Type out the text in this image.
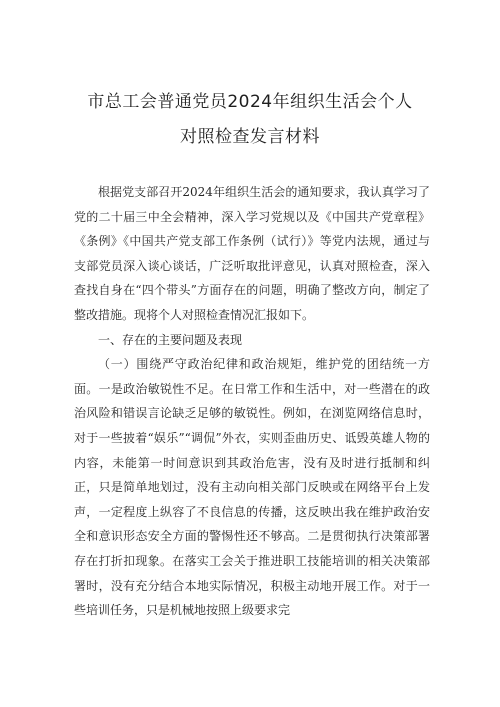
市总工会普通党员2024年组织生活会个人
对照检查发言材料

根据党支部召开2024年组织生活会的通知要求，我认真学习了党的二十届三中全会精神，深入学习党规以及《中国共产党章程》《条例》《中国共产党支部工作条例（试行）》等党内法规，通过与支部党员深入谈心谈话，广泛听取批评意见，认真对照检查，深入查找自身在“四个带头”方面存在的问题，明确了整改方向，制定了整改措施。现将个人对照检查情况汇报如下。

一、存在的主要问题及表现

（一）围绕严守政治纪律和政治规矩，维护党的团结统一方面。一是政治敏锐性不足。在日常工作和生活中，对一些潜在的政治风险和错误言论缺乏足够的敏锐性。例如，在浏览网络信息时，对于一些披着“娱乐”“调侃”外衣，实则歪曲历史、诋毁英雄人物的内容，未能第一时间意识到其政治危害，没有及时进行抵制和纠正，只是简单地划过，没有主动向相关部门反映或在网络平台上发声，一定程度上纵容了不良信息的传播，这反映出我在维护政治安全和意识形态安全方面的警惕性还不够高。二是贯彻执行决策部署存在打折扣现象。在落实工会关于推进职工技能培训的相关决策部署时，没有充分结合本地实际情况，积极主动地开展工作。对于一些培训任务，只是机械地按照上级要求完
